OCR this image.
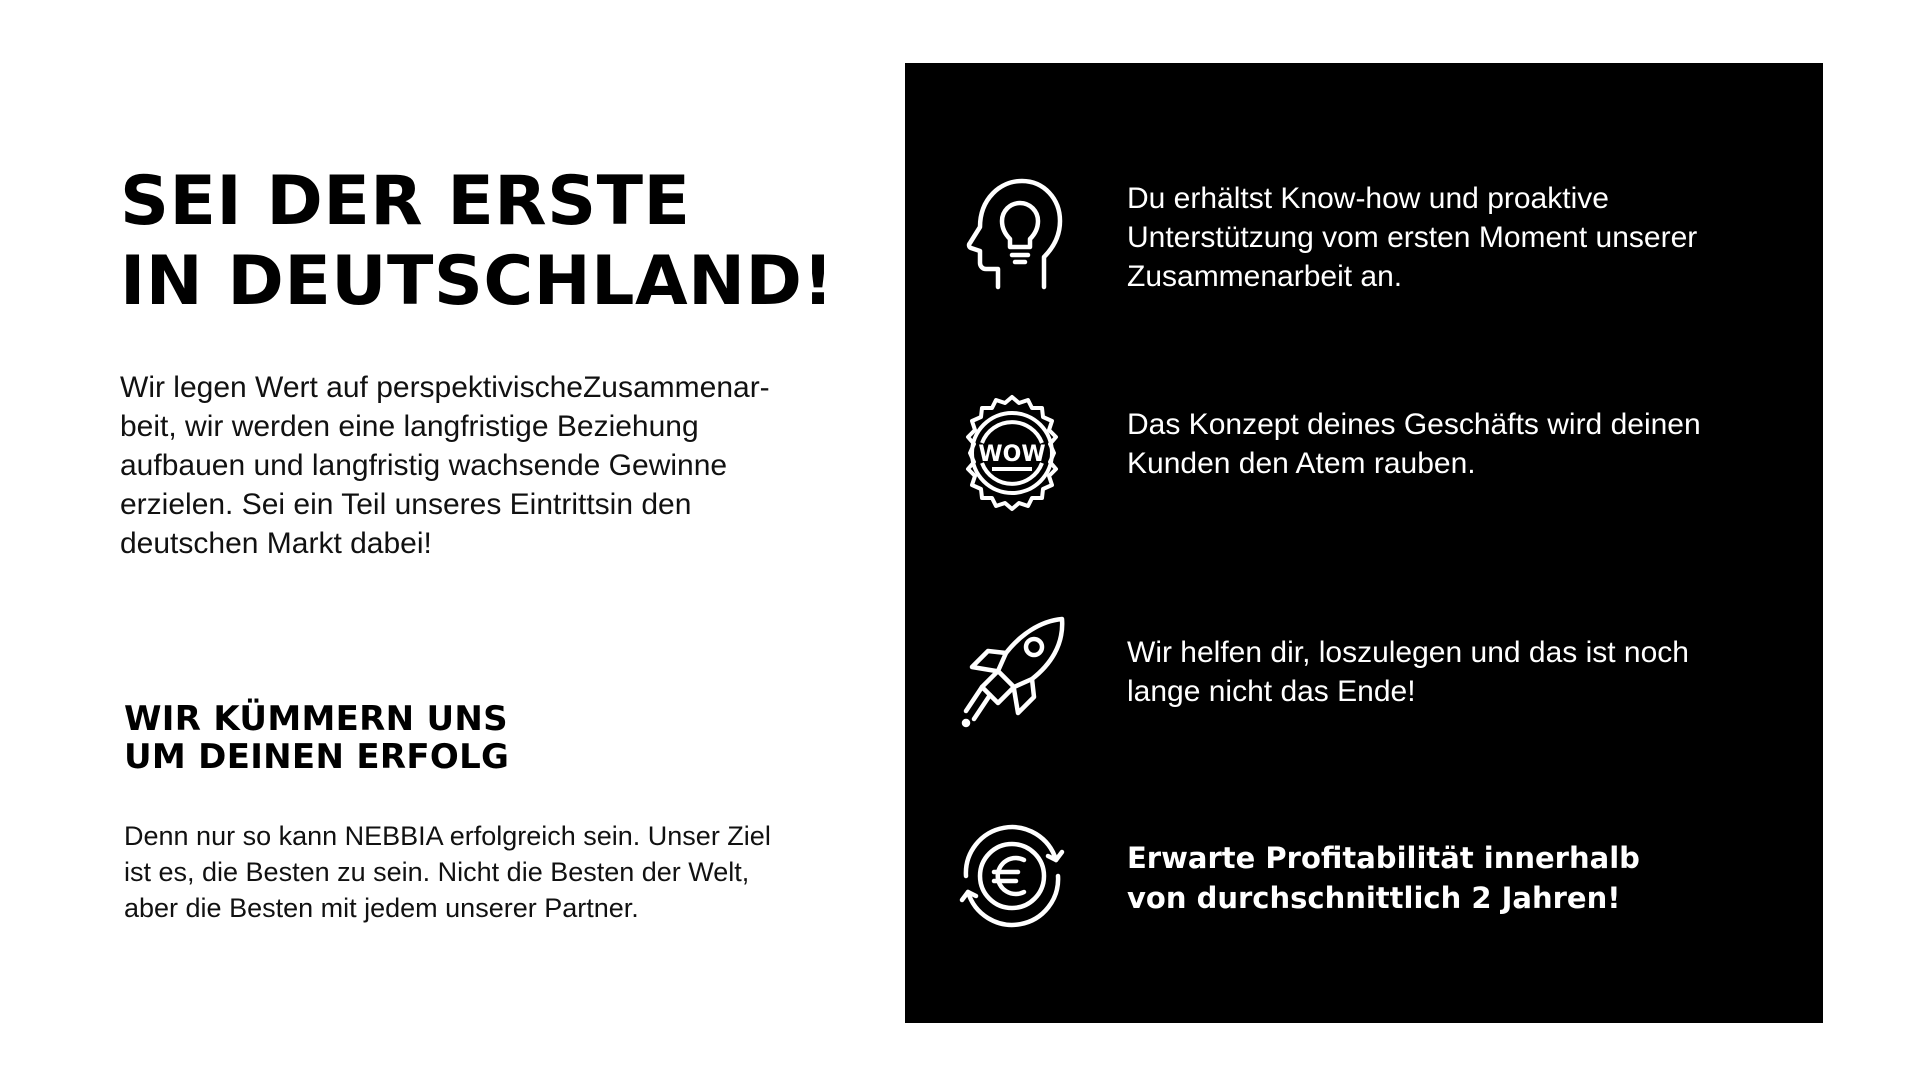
SEI DER ERSTE
IN DEUTSCHLAND!

Wir legen Wert auf perspektivischeZusammenar-
beit, wir werden eine langfristige Beziehung
aufbauen und langfristig wachsende Gewinne
erzielen. Sei ein Teil unseres Eintrittsin den
deutschen Markt dabei!

WIR KÜMMERN UNS
UM DEINEN ERFOLG

Denn nur so kann NEBBIA erfolgreich sein. Unser Ziel
ist es, die Besten zu sein. Nicht die Besten der Welt,
aber die Besten mit jedem unserer Partner.

Du erhältst Know-how und proaktive
Unterstützung vom ersten Moment unserer
Zusammenarbeit an.

WOW

Das Konzept deines Geschäfts wird deinen
Kunden den Atem rauben.

Wir helfen dir, loszulegen und das ist noch
lange nicht das Ende!

Erwarte Profitabilität innerhalb
von durchschnittlich 2 Jahren!
